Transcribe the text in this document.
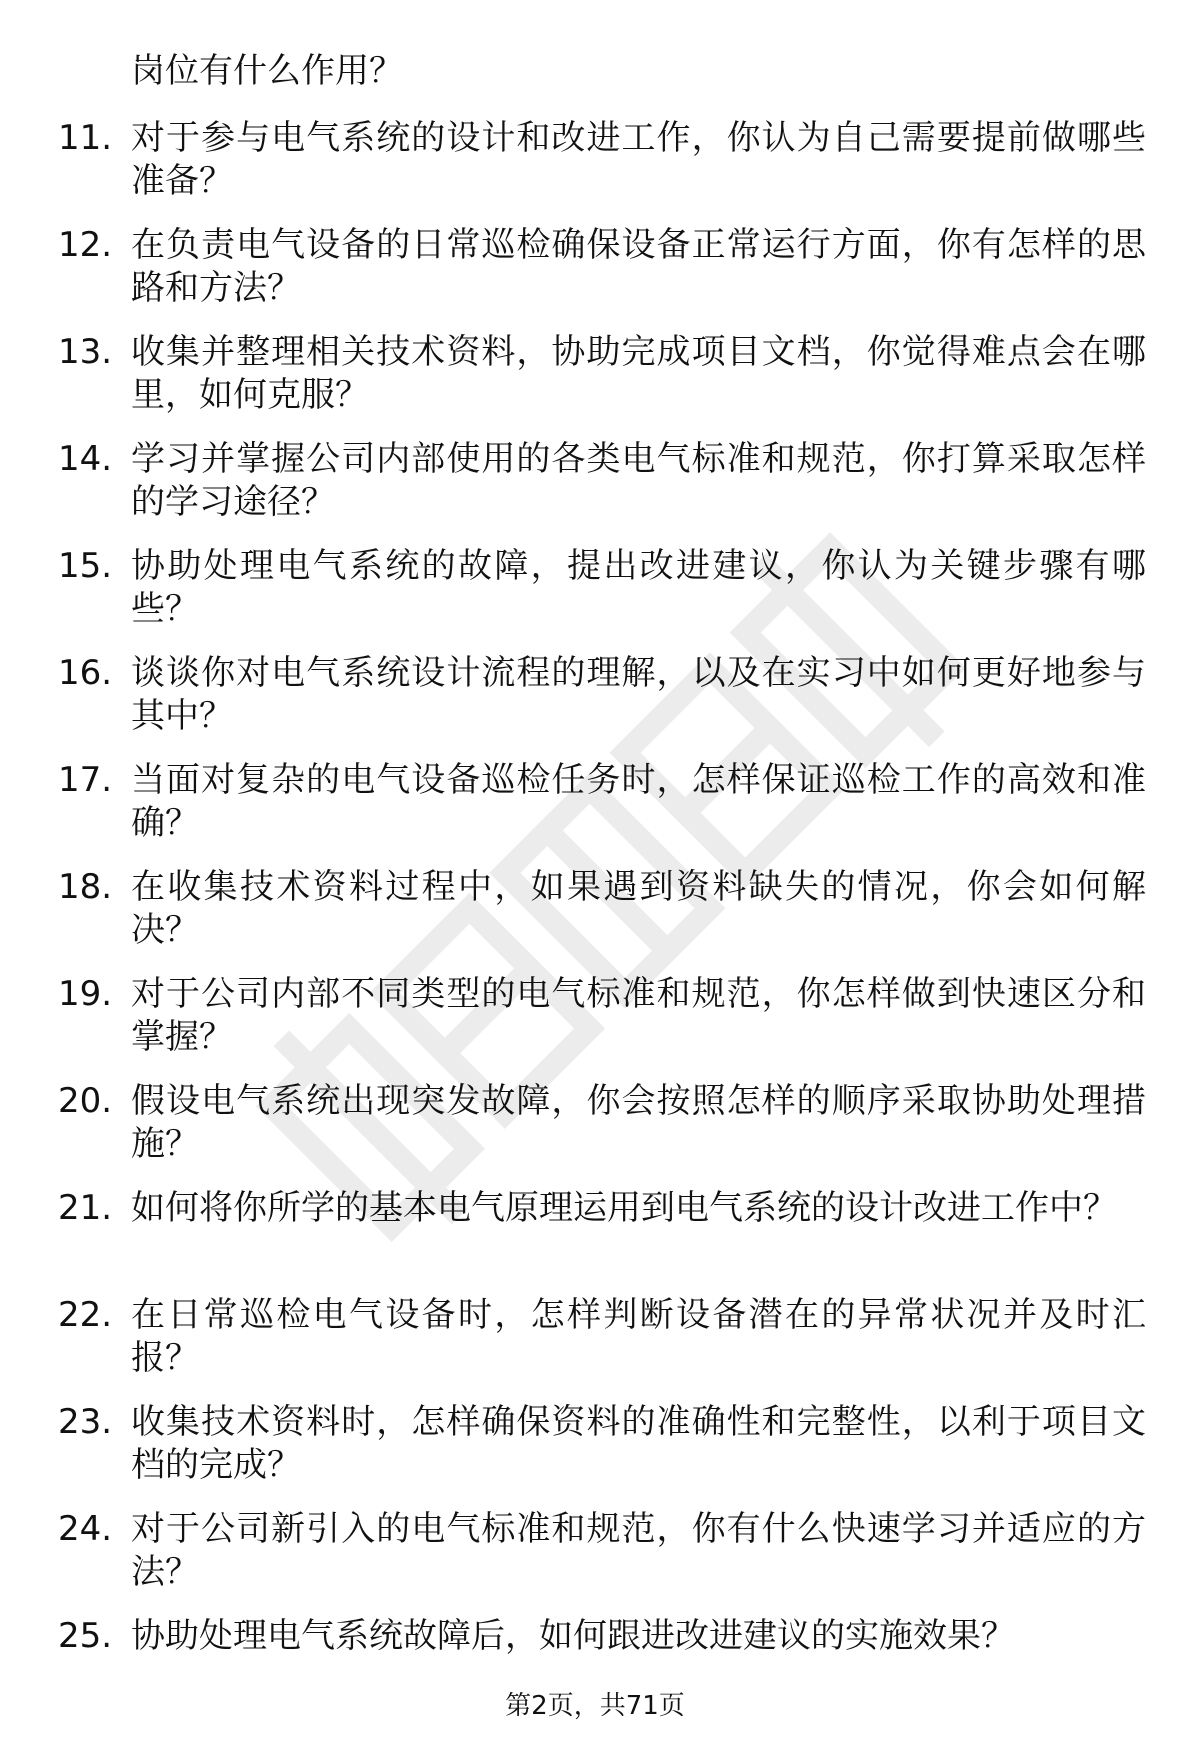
岗位有什么作用？

11. 对于参与电气系统的设计和改进工作，你认为自己需要提前做哪些准备？
12. 在负责电气设备的日常巡检确保设备正常运行方面，你有怎样的思路和方法？
13. 收集并整理相关技术资料，协助完成项目文档，你觉得难点会在哪里，如何克服？
14. 学习并掌握公司内部使用的各类电气标准和规范，你打算采取怎样的学习途径？
15. 协助处理电气系统的故障，提出改进建议，你认为关键步骤有哪些？
16. 谈谈你对电气系统设计流程的理解，以及在实习中如何更好地参与其中？
17. 当面对复杂的电气设备巡检任务时，怎样保证巡检工作的高效和准确？
18. 在收集技术资料过程中，如果遇到资料缺失的情况，你会如何解决？
19. 对于公司内部不同类型的电气标准和规范，你怎样做到快速区分和掌握？
20. 假设电气系统出现突发故障，你会按照怎样的顺序采取协助处理措施？
21. 如何将你所学的基本电气原理运用到电气系统的设计改进工作中？
22. 在日常巡检电气设备时，怎样判断设备潜在的异常状况并及时汇报？
23. 收集技术资料时，怎样确保资料的准确性和完整性，以利于项目文档的完成？
24. 对于公司新引入的电气标准和规范，你有什么快速学习并适应的方法？
25. 协助处理电气系统故障后，如何跟进改进建议的实施效果？
第2页，共71页
